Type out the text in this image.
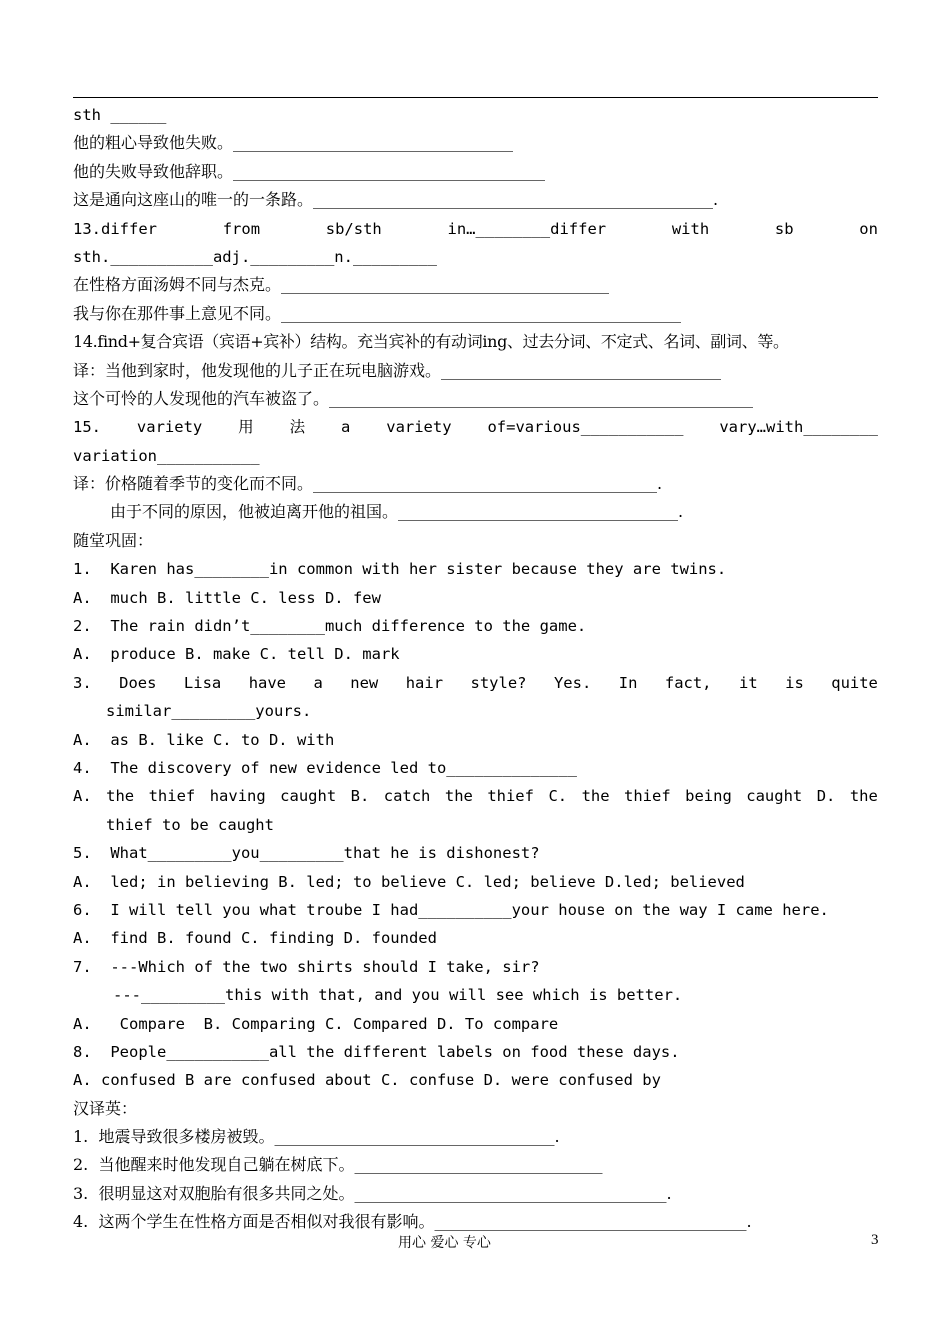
sth ______
他的粗心导致他失败。___________________________________
他的失败导致他辞职。_______________________________________
这是通向这座山的唯一的一条路。__________________________________________________.
13.differ	from	sb/sth	in…________differ	with	sb	on
sth.___________adj._________n._________
在性格方面汤姆不同与杰克。_________________________________________
我与你在那件事上意见不同。__________________________________________________
14.find+复合宾语（宾语+宾补）结构。充当宾补的有动词ing、过去分词、不定式、名词、副词、等。
译：当他到家时，他发现他的儿子正在玩电脑游戏。___________________________________
这个可怜的人发现他的汽车被盗了。_____________________________________________________
15. variety 用 法 a variety of=various___________ vary…with________
variation___________
译：价格随着季节的变化而不同。___________________________________________.
由于不同的原因，他被迫离开他的祖国。___________________________________.
随堂巩固：
1.  Karen has________in common with her sister because they are twins.
A.  much B. little C. less D. few
2.  The rain didn’t________much difference to the game.
A.  produce B. make C. tell D. mark
3. Does Lisa have a new hair style? Yes. In fact, it is quite
similar_________yours.
A.  as B. like C. to D. with
4.  The discovery of new evidence led to______________
A. the thief having caught B. catch the thief C. the thief being caught D. the
thief to be caught
5.  What_________you_________that he is dishonest?
A.  led; in believing B. led; to believe C. led; believe D.led; believed
6.  I will tell you what troube I had__________your house on the way I came here.
A.  find B. found C. finding D. founded
7.  ---Which of the two shirts should I take, sir?
---_________this with that, and you will see which is better.
A.   Compare  B. Comparing C. Compared D. To compare
8.  People___________all the different labels on food these days.
A. confused B are confused about C. confuse D. were confused by
汉译英：
1.  地震导致很多楼房被毁。___________________________________.
2.  当他醒来时他发现自己躺在树底下。_______________________________
3.  很明显这对双胞胎有很多共同之处。_______________________________________.
4.  这两个学生在性格方面是否相似对我很有影响。_______________________________________.
用心 爱心 专心	3
